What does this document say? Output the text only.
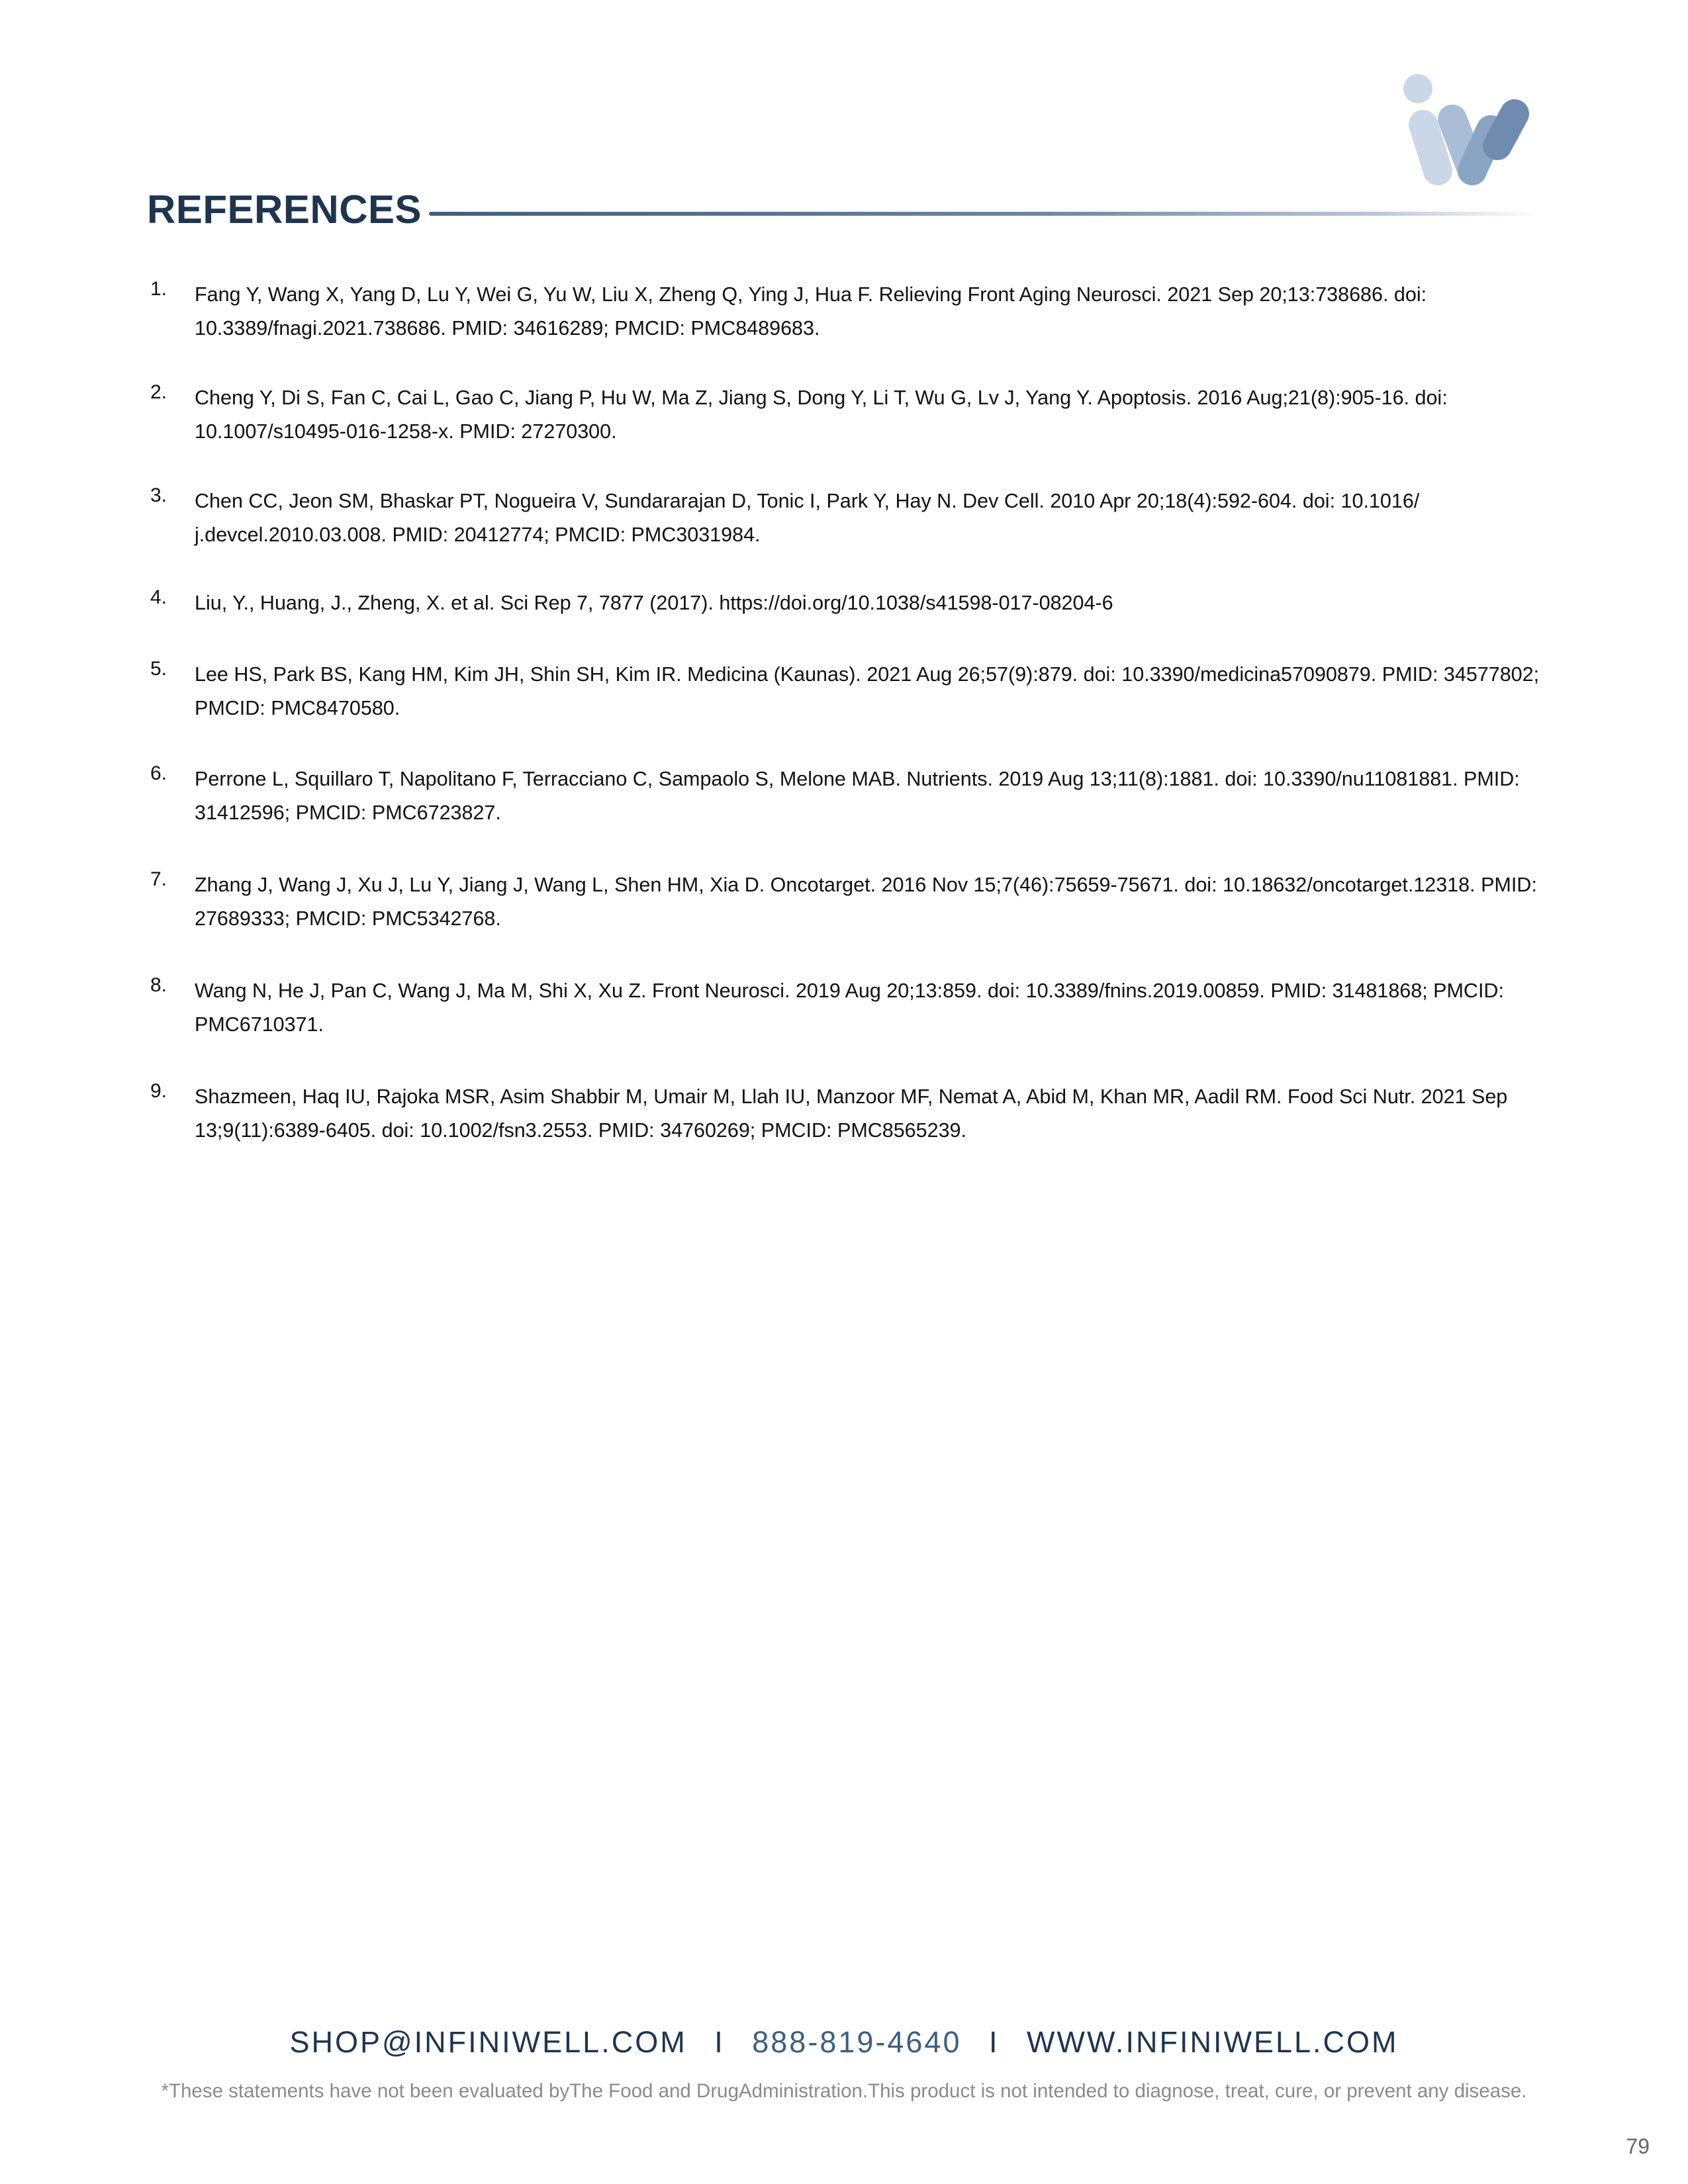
REFERENCES
1. Fang Y, Wang X, Yang D, Lu Y, Wei G, Yu W, Liu X, Zheng Q, Ying J, Hua F. Relieving Front Aging Neurosci. 2021 Sep 20;13:738686. doi: 10.3389/fnagi.2021.738686. PMID: 34616289; PMCID: PMC8489683.
2. Cheng Y, Di S, Fan C, Cai L, Gao C, Jiang P, Hu W, Ma Z, Jiang S, Dong Y, Li T, Wu G, Lv J, Yang Y. Apoptosis. 2016 Aug;21(8):905-16. doi: 10.1007/s10495-016-1258-x. PMID: 27270300.
3. Chen CC, Jeon SM, Bhaskar PT, Nogueira V, Sundararajan D, Tonic I, Park Y, Hay N. Dev Cell. 2010 Apr 20;18(4):592-604. doi: 10.1016/ j.devcel.2010.03.008. PMID: 20412774; PMCID: PMC3031984.
4. Liu, Y., Huang, J., Zheng, X. et al. Sci Rep 7, 7877 (2017). https://doi.org/10.1038/s41598-017-08204-6
5. Lee HS, Park BS, Kang HM, Kim JH, Shin SH, Kim IR. Medicina (Kaunas). 2021 Aug 26;57(9):879. doi: 10.3390/medicina57090879. PMID: 34577802; PMCID: PMC8470580.
6. Perrone L, Squillaro T, Napolitano F, Terracciano C, Sampaolo S, Melone MAB. Nutrients. 2019 Aug 13;11(8):1881. doi: 10.3390/nu11081881. PMID: 31412596; PMCID: PMC6723827.
7. Zhang J, Wang J, Xu J, Lu Y, Jiang J, Wang L, Shen HM, Xia D. Oncotarget. 2016 Nov 15;7(46):75659-75671. doi: 10.18632/oncotarget.12318. PMID: 27689333; PMCID: PMC5342768.
8. Wang N, He J, Pan C, Wang J, Ma M, Shi X, Xu Z. Front Neurosci. 2019 Aug 20;13:859. doi: 10.3389/fnins.2019.00859. PMID: 31481868; PMCID: PMC6710371.
9. Shazmeen, Haq IU, Rajoka MSR, Asim Shabbir M, Umair M, Llah IU, Manzoor MF, Nemat A, Abid M, Khan MR, Aadil RM. Food Sci Nutr. 2021 Sep 13;9(11):6389-6405. doi: 10.1002/fsn3.2553. PMID: 34760269; PMCID: PMC8565239.
SHOP@INFINIWELL.COM I 888-819-4640 I WWW.INFINIWELL.COM
*These statements have not been evaluated byThe Food and DrugAdministration.This product is not intended to diagnose, treat, cure, or prevent any disease.
79
